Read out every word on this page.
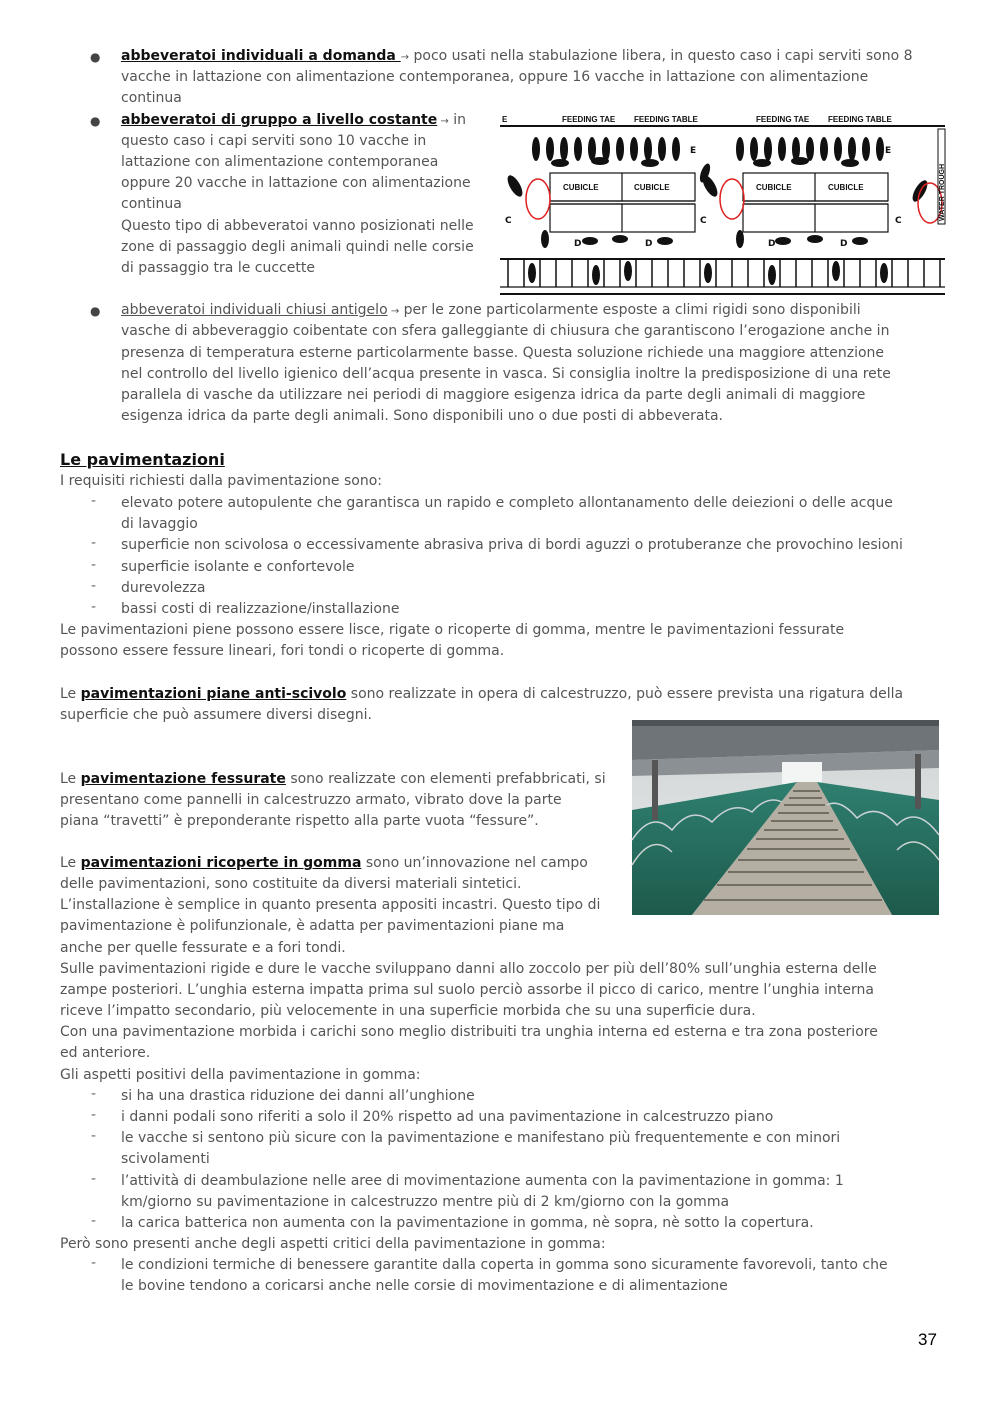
● abbeveratoi individuali a domanda → poco usati nella stabulazione libera, in questo caso i capi serviti sono 8
vacche in lattazione con alimentazione contemporanea, oppure 16 vacche in lattazione con alimentazione
continua
● abbeveratoi di gruppo a livello costante → in
questo caso i capi serviti sono 10 vacche in
lattazione con alimentazione contemporanea
oppure 20 vacche in lattazione con alimentazione
continua
Questo tipo di abbeveratoi vanno posizionati nelle
zone di passaggio degli animali quindi nelle corsie
di passaggio tra le cuccette
E	FEEDING TAE FEEDING TABLE	FEEDING TAE FEEDING TABLE
E	E
CUBICLE	CUBICLE	CUBICLE	CUBICLE
C	C	C
D	D	D	D
WATER TROUGH
● abbeveratoi individuali chiusi antigelo → per le zone particolarmente esposte a climi rigidi sono disponibili
vasche di abbeveraggio coibentate con sfera galleggiante di chiusura che garantiscono l’erogazione anche in
presenza di temperatura esterne particolarmente basse. Questa soluzione richiede una maggiore attenzione
nel controllo del livello igienico dell’acqua presente in vasca. Si consiglia inoltre la predisposizione di una rete
parallela di vasche da utilizzare nei periodi di maggiore esigenza idrica da parte degli animali di maggiore
esigenza idrica da parte degli animali. Sono disponibili uno o due posti di abbeverata.
Le pavimentazioni
I requisiti richiesti dalla pavimentazione sono:
- elevato potere autopulente che garantisca un rapido e completo allontanamento delle deiezioni o delle acque
di lavaggio
- superficie non scivolosa o eccessivamente abrasiva priva di bordi aguzzi o protuberanze che provochino lesioni
- superficie isolante e confortevole
- durevolezza
- bassi costi di realizzazione/installazione
Le pavimentazioni piene possono essere lisce, rigate o ricoperte di gomma, mentre le pavimentazioni fessurate
possono essere fessure lineari, fori tondi o ricoperte di gomma.
Le pavimentazioni piane anti-scivolo sono realizzate in opera di calcestruzzo, può essere prevista una rigatura della
superficie che può assumere diversi disegni.
Le pavimentazione fessurate sono realizzate con elementi prefabbricati, si
presentano come pannelli in calcestruzzo armato, vibrato dove la parte
piana “travetti” è preponderante rispetto alla parte vuota “fessure”.
Le pavimentazioni ricoperte in gomma sono un’innovazione nel campo
delle pavimentazioni, sono costituite da diversi materiali sintetici.
L’installazione è semplice in quanto presenta appositi incastri. Questo tipo di
pavimentazione è polifunzionale, è adatta per pavimentazioni piane ma
anche per quelle fessurate e a fori tondi.
Sulle pavimentazioni rigide e dure le vacche sviluppano danni allo zoccolo per più dell’80% sull’unghia esterna delle
zampe posteriori. L’unghia esterna impatta prima sul suolo perciò assorbe il picco di carico, mentre l’unghia interna
riceve l’impatto secondario, più velocemente in una superficie morbida che su una superficie dura.
Con una pavimentazione morbida i carichi sono meglio distribuiti tra unghia interna ed esterna e tra zona posteriore
ed anteriore.
Gli aspetti positivi della pavimentazione in gomma:
- si ha una drastica riduzione dei danni all’unghione
- i danni podali sono riferiti a solo il 20% rispetto ad una pavimentazione in calcestruzzo piano
- le vacche si sentono più sicure con la pavimentazione e manifestano più frequentemente e con minori
scivolamenti
- l’attività di deambulazione nelle aree di movimentazione aumenta con la pavimentazione in gomma: 1
km/giorno su pavimentazione in calcestruzzo mentre più di 2 km/giorno con la gomma
- la carica batterica non aumenta con la pavimentazione in gomma, nè sopra, nè sotto la copertura.
Però sono presenti anche degli aspetti critici della pavimentazione in gomma:
- le condizioni termiche di benessere garantite dalla coperta in gomma sono sicuramente favorevoli, tanto che
le bovine tendono a coricarsi anche nelle corsie di movimentazione e di alimentazione
37
